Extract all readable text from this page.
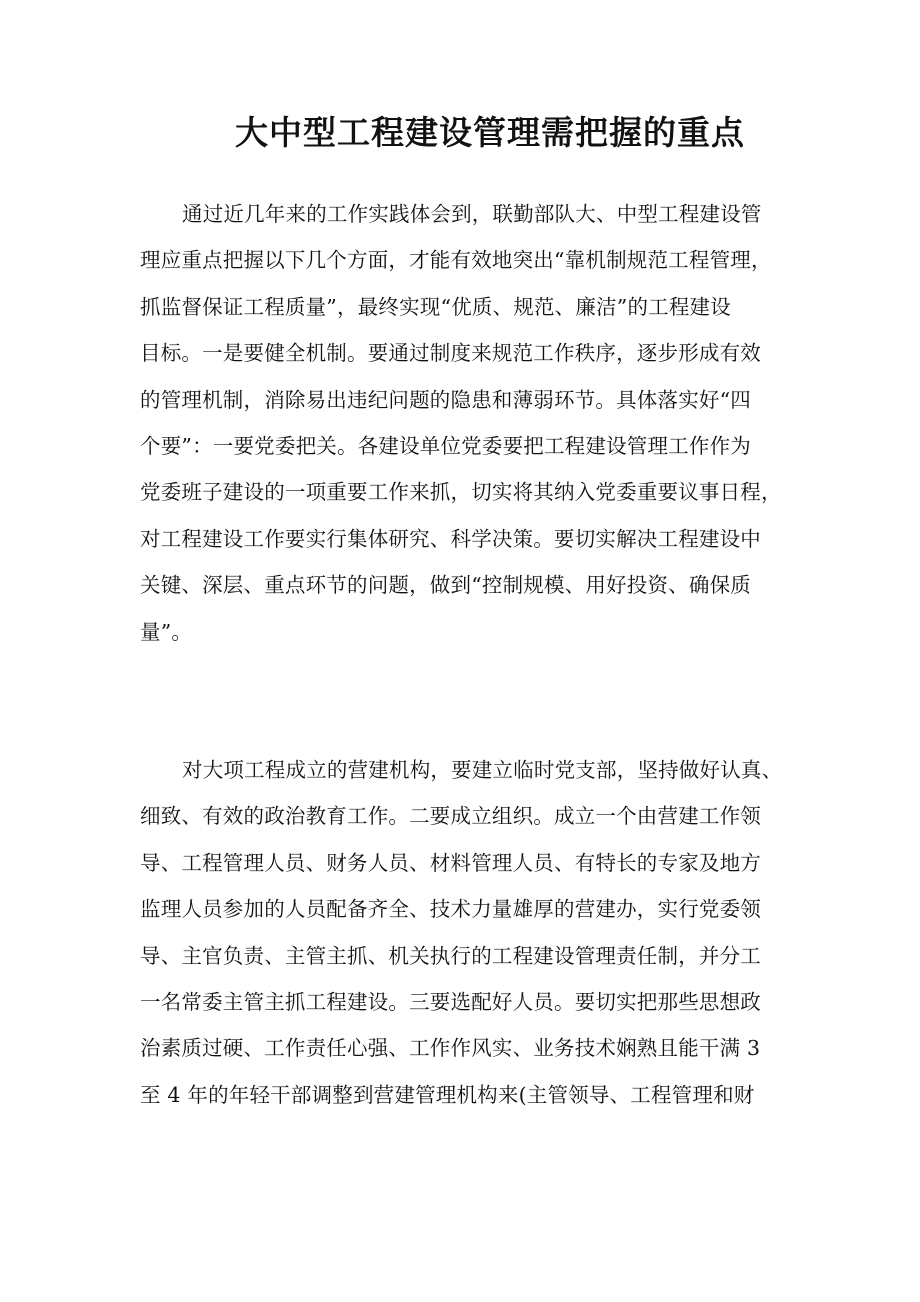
大中型工程建设管理需把握的重点
通过近几年来的工作实践体会到，联勤部队大、中型工程建设管
理应重点把握以下几个方面，才能有效地突出“靠机制规范工程管理，
抓监督保证工程质量”，最终实现“优质、规范、廉洁”的工程建设
目标。一是要健全机制。要通过制度来规范工作秩序，逐步形成有效
的管理机制，消除易出违纪问题的隐患和薄弱环节。具体落实好“四
个要”：一要党委把关。各建设单位党委要把工程建设管理工作作为
党委班子建设的一项重要工作来抓，切实将其纳入党委重要议事日程，
对工程建设工作要实行集体研究、科学决策。要切实解决工程建设中
关键、深层、重点环节的问题，做到“控制规模、用好投资、确保质
量”。
对大项工程成立的营建机构，要建立临时党支部，坚持做好认真、
细致、有效的政治教育工作。二要成立组织。成立一个由营建工作领
导、工程管理人员、财务人员、材料管理人员、有特长的专家及地方
监理人员参加的人员配备齐全、技术力量雄厚的营建办，实行党委领
导、主官负责、主管主抓、机关执行的工程建设管理责任制，并分工
一名常委主管主抓工程建设。三要选配好人员。要切实把那些思想政
治素质过硬、工作责任心强、工作作风实、业务技术娴熟且能干满 3
至 4 年的年轻干部调整到营建管理机构来(主管领导、工程管理和财
